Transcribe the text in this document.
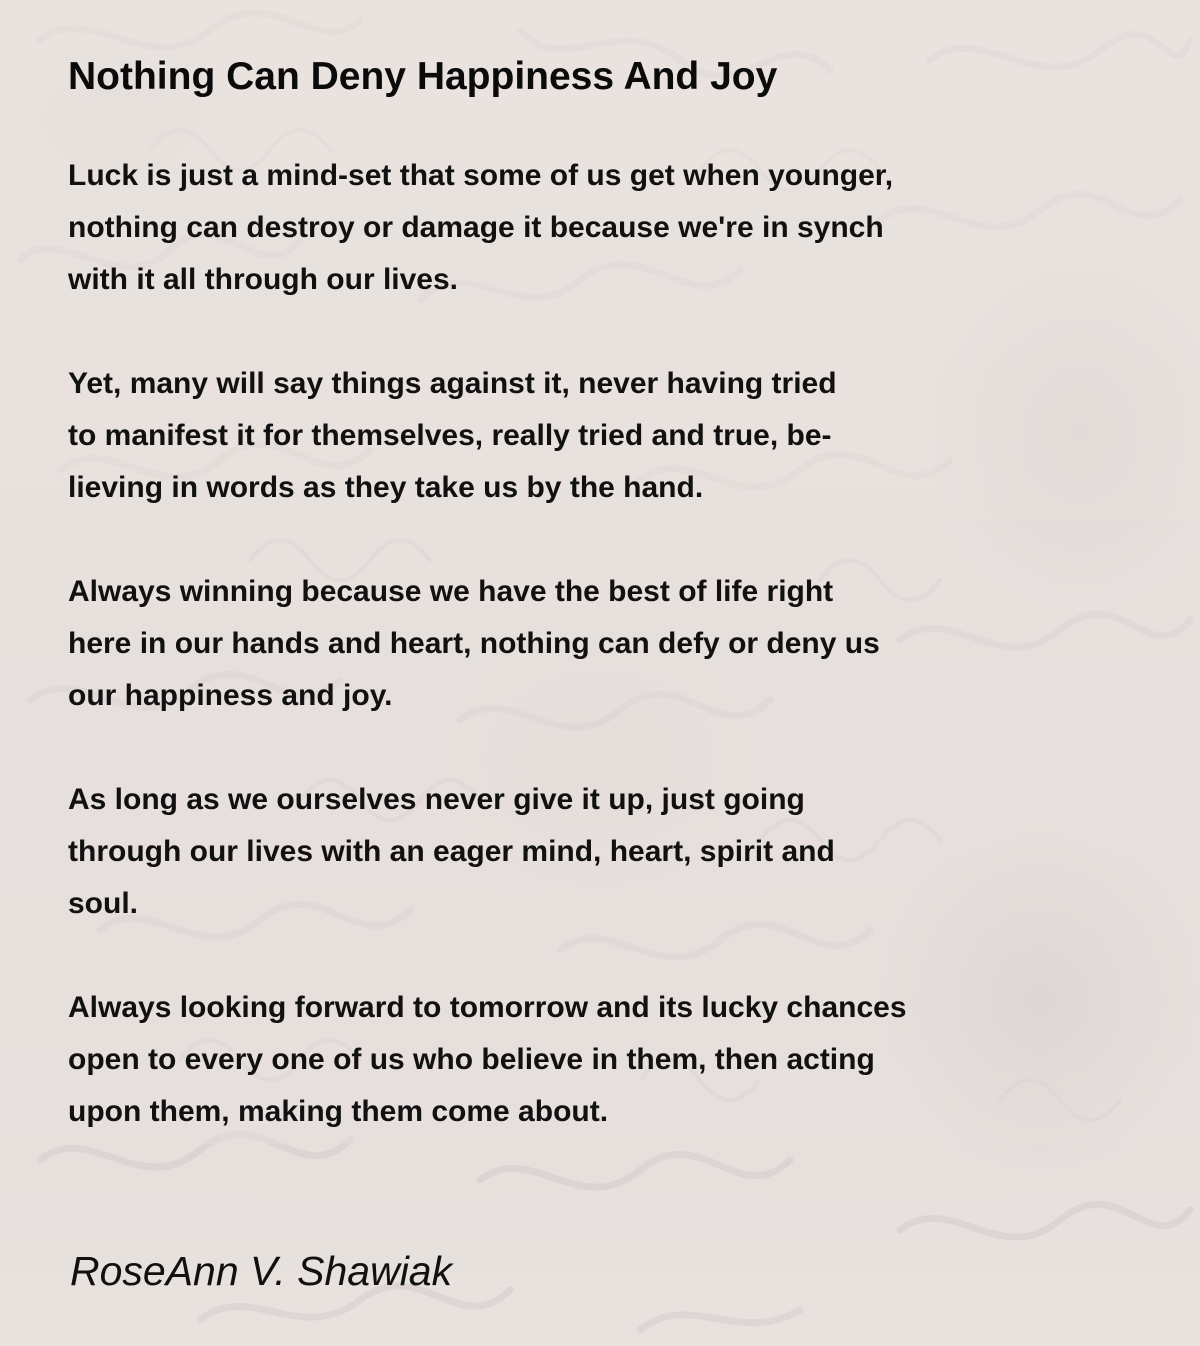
Nothing Can Deny Happiness And Joy

Luck is just a mind-set that some of us get when younger,
nothing can destroy or damage it because we're in synch
with it all through our lives.

Yet, many will say things against it, never having tried
to manifest it for themselves, really tried and true, be-
lieving in words as they take us by the hand.

Always winning because we have the best of life right
here in our hands and heart, nothing can defy or deny us
our happiness and joy.

As long as we ourselves never give it up, just going
through our lives with an eager mind, heart, spirit and
soul.

Always looking forward to tomorrow and its lucky chances
open to every one of us who believe in them, then acting
upon them, making them come about.

RoseAnn V. Shawiak
